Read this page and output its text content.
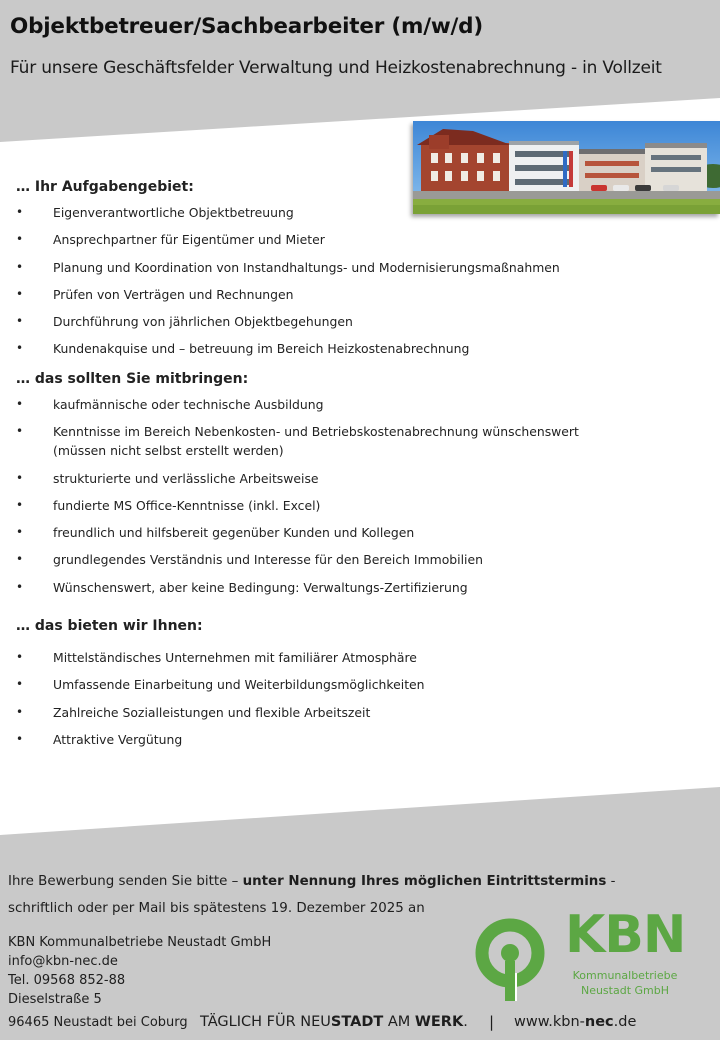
Objektbetreuer/Sachbearbeiter (m/w/d)
Für unsere Geschäftsfelder Verwaltung und Heizkostenabrechnung - in Vollzeit
… Ihr Aufgabengebiet:
• Eigenverantwortliche Objektbetreuung
• Ansprechpartner für Eigentümer und Mieter
• Planung und Koordination von Instandhaltungs- und Modernisierungsmaßnahmen
• Prüfen von Verträgen und Rechnungen
• Durchführung von jährlichen Objektbegehungen
• Kundenakquise und – betreuung im Bereich Heizkostenabrechnung
… das sollten Sie mitbringen:
• kaufmännische oder technische Ausbildung
• Kenntnisse im Bereich Nebenkosten- und Betriebskostenabrechnung wünschenswert (müssen nicht selbst erstellt werden)
• strukturierte und verlässliche Arbeitsweise
• fundierte MS Office-Kenntnisse (inkl. Excel)
• freundlich und hilfsbereit gegenüber Kunden und Kollegen
• grundlegendes Verständnis und Interesse für den Bereich Immobilien
• Wünschenswert, aber keine Bedingung: Verwaltungs-Zertifizierung
… das bieten wir Ihnen:
• Mittelständisches Unternehmen mit familiärer Atmosphäre
• Umfassende Einarbeitung und Weiterbildungsmöglichkeiten
• Zahlreiche Sozialleistungen und flexible Arbeitszeit
• Attraktive Vergütung
Ihre Bewerbung senden Sie bitte – unter Nennung Ihres möglichen Eintrittstermins -
schriftlich oder per Mail bis spätestens 19. Dezember 2025 an
KBN Kommunalbetriebe Neustadt GmbH
info@kbn-nec.de
Tel. 09568 852-88
Dieselstraße 5
96465 Neustadt bei Coburg TÄGLICH FÜR NEUSTADT AM WERK. | www.kbn-nec.de
KBN
Kommunalbetriebe
Neustadt GmbH
